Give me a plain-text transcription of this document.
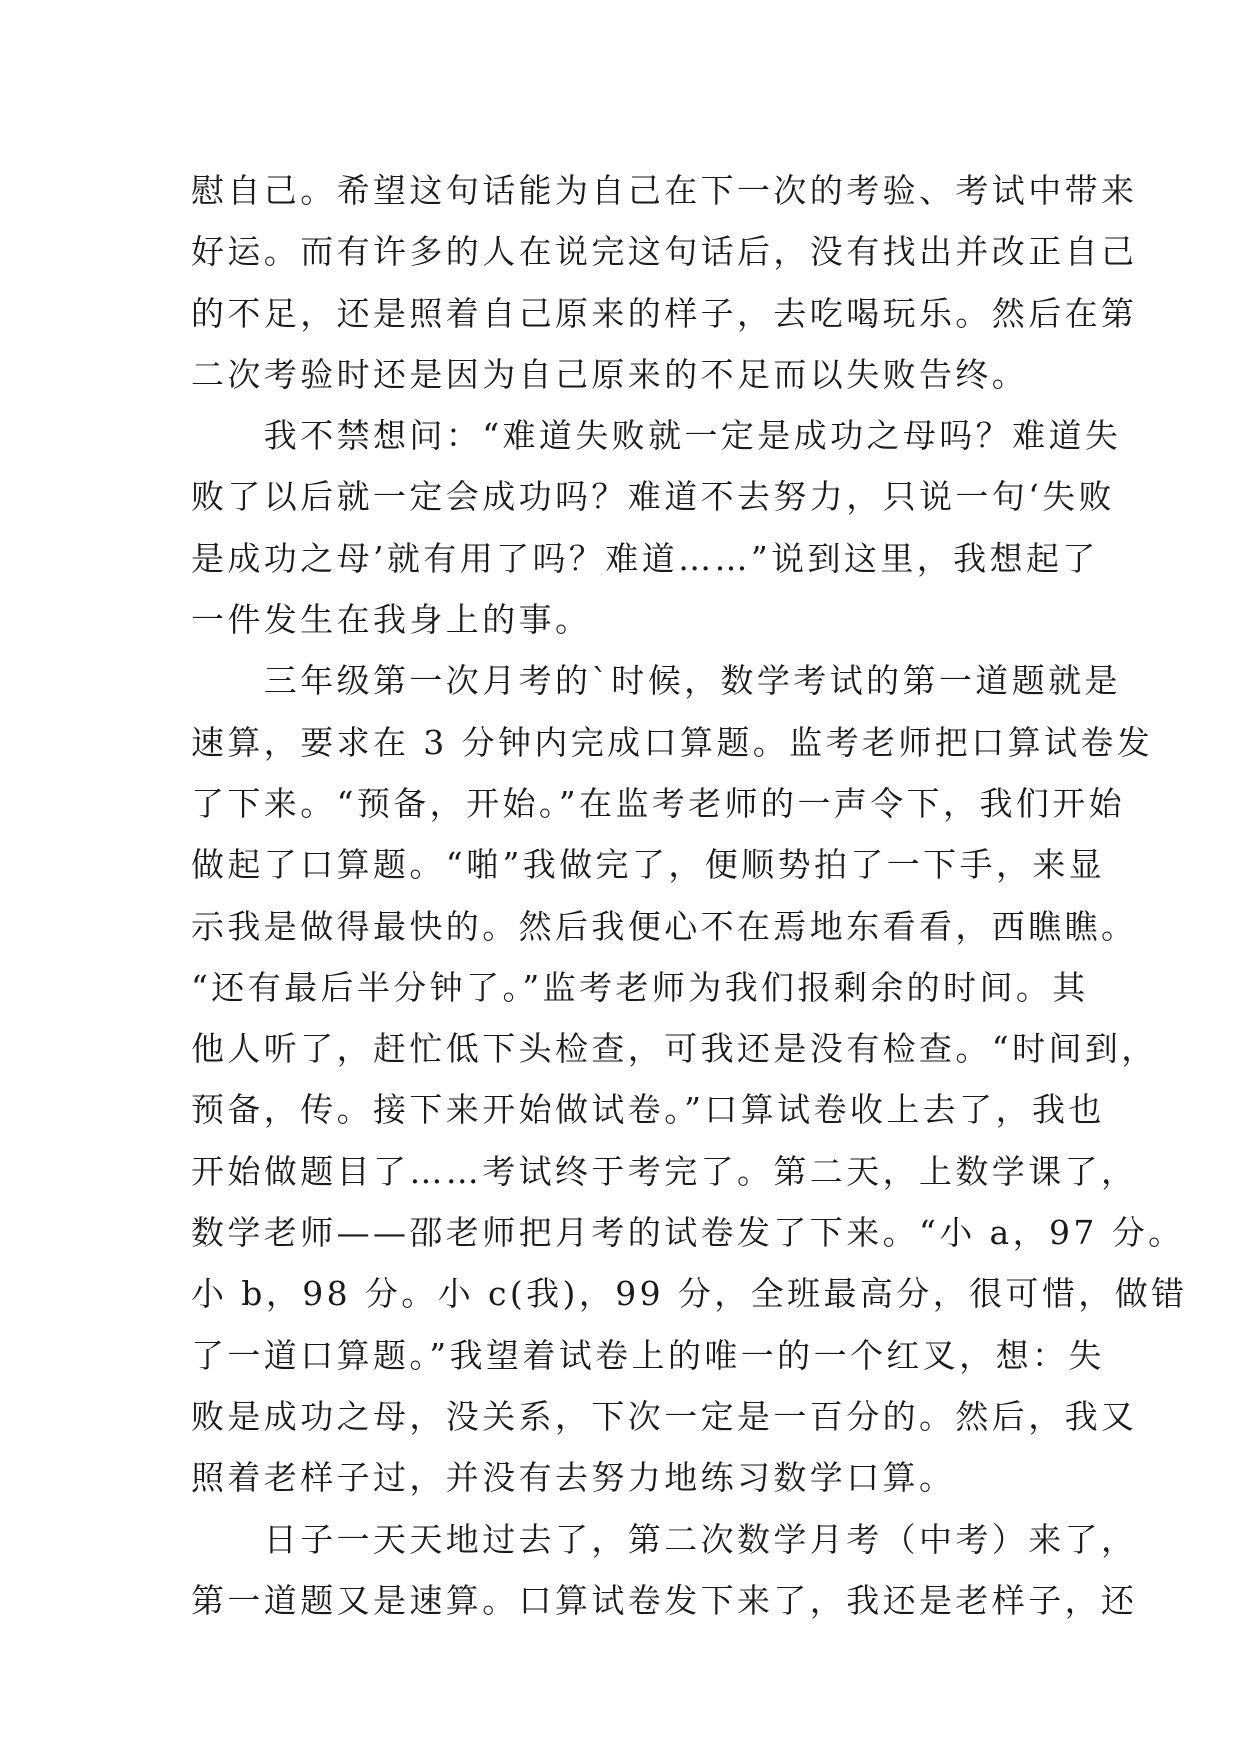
慰自己。希望这句话能为自己在下一次的考验、考试中带来
好运。而有许多的人在说完这句话后，没有找出并改正自己
的不足，还是照着自己原来的样子，去吃喝玩乐。然后在第
二次考验时还是因为自己原来的不足而以失败告终。
　　我不禁想问：“难道失败就一定是成功之母吗？难道失
败了以后就一定会成功吗？难道不去努力，只说一句‘失败
是成功之母’就有用了吗？难道……”说到这里，我想起了
一件发生在我身上的事。
　　三年级第一次月考的`时候，数学考试的第一道题就是
速算，要求在 3 分钟内完成口算题。监考老师把口算试卷发
了下来。“预备，开始。”在监考老师的一声令下，我们开始
做起了口算题。“啪”我做完了，便顺势拍了一下手，来显
示我是做得最快的。然后我便心不在焉地东看看，西瞧瞧。
“还有最后半分钟了。”监考老师为我们报剩余的时间。其
他人听了，赶忙低下头检查，可我还是没有检查。“时间到，
预备，传。接下来开始做试卷。”口算试卷收上去了，我也
开始做题目了……考试终于考完了。第二天，上数学课了，
数学老师——邵老师把月考的试卷发了下来。“小 a，97 分。
小 b，98 分。小 c(我)，99 分，全班最高分，很可惜，做错
了一道口算题。”我望着试卷上的唯一的一个红叉，想：失
败是成功之母，没关系，下次一定是一百分的。然后，我又
照着老样子过，并没有去努力地练习数学口算。
　　日子一天天地过去了，第二次数学月考（中考）来了，
第一道题又是速算。口算试卷发下来了，我还是老样子，还
